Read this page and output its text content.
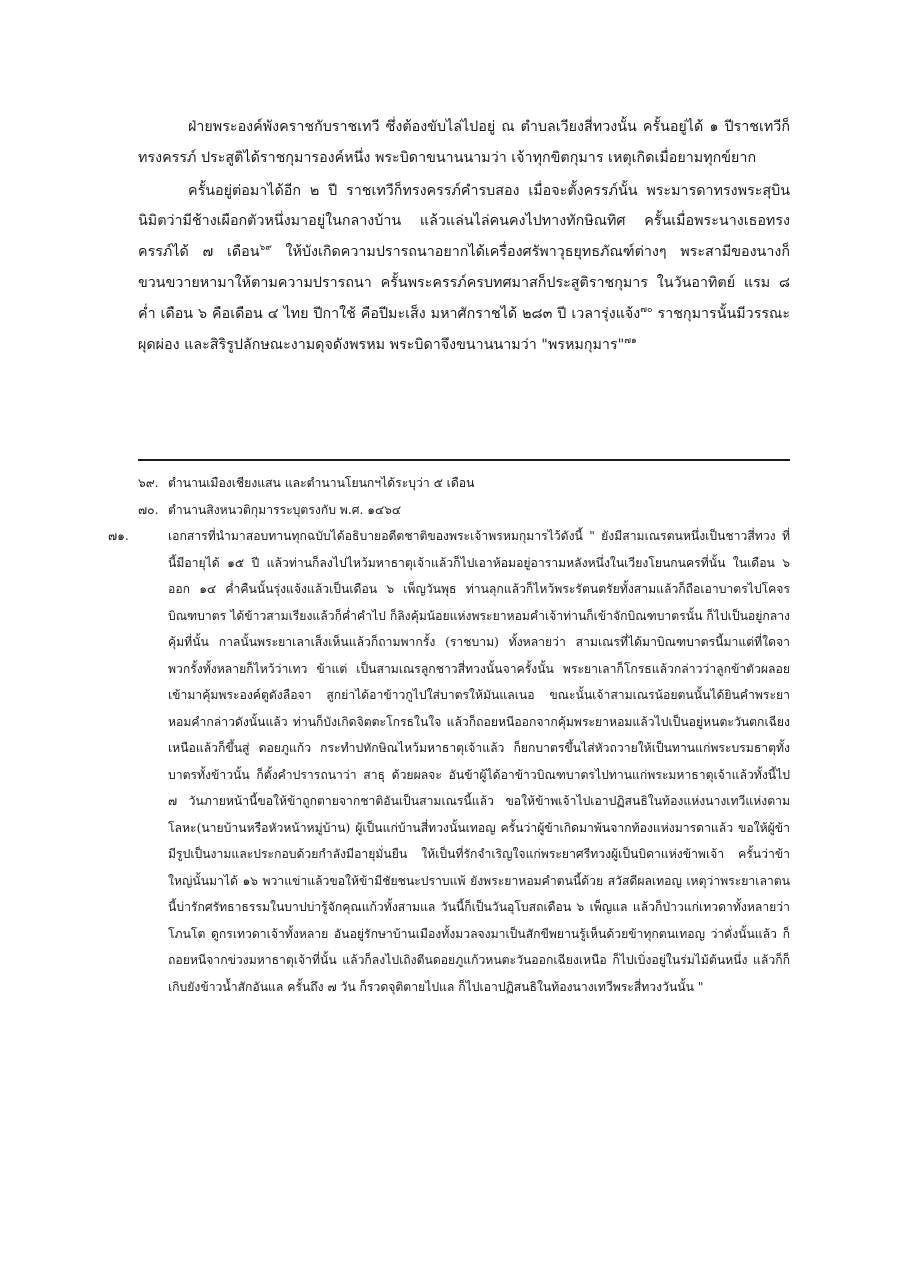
ฝ่ายพระองค์พังคราชกับราชเทวี ซึ่งต้องขับไล่ไปอยู่ ณ ตำบลเวียงสี่ทวงนั้น ครั้นอยู่ได้ ๑ ปีราชเทวีก็ทรงครรภ์ ประสูติได้ราชกุมารองค์หนึ่ง พระบิดาขนานนามว่า เจ้าทุกขิตกุมาร เหตุเกิดเมื่อยามทุกข์ยาก

ครั้นอยู่ต่อมาได้อีก ๒ ปี ราชเทวีก็ทรงครรภ์คำรบสอง เมื่อจะตั้งครรภ์นั้น พระมารดาทรงพระสุบินนิมิตว่ามีช้างเผือกตัวหนึ่งมาอยู่ในกลางบ้าน แล้วแล่นไล่คนคงไปทางทักษิณทิศ ครั้นเมื่อพระนางเธอทรงครรภ์ได้ ๗ เดือน$^{๖๙}$ ให้บังเกิดความปรารถนาอยากได้เครื่องศรัพาวุธยุทธภัณฑ์ต่างๆ พระสามีของนางก็ขวนขวายหามาให้ตามความปรารถนา ครั้นพระครรภ์ครบทศมาสก็ประสูติราชกุมาร ในวันอาทิตย์ แรม ๘ ค่ำ เดือน ๖ คือเดือน ๔ ไทย ปีกาใช้ คือปีมะเส็ง มหาศักราชได้ ๒๘๓ ปี เวลารุ่งแจ้ง$^{๗๐}$ ราชกุมารนั้นมีวรรณะผุดผ่อง และสิริรูปลักษณะงามดุจดังพรหม พระบิดาจึงขนานนามว่า "พรหมกุมาร"$^{๗๑}$

๖๙. ตำนานเมืองเชียงแสน และตำนานโยนกฯได้ระบุว่า ๕ เดือน

๗๐. ตำนานสิงหนวติกุมารระบุตรงกับ พ.ศ. ๑๔๖๔

๗๑.	เอกสารที่นำมาสอบทานทุกฉบับได้อธิบายอดีตชาติของพระเจ้าพรหมกุมารไว้ดังนี้ " ยังมีสามเณรตนหนึ่งเป็นชาวสี่ทวง ที่นี้มีอายุได้ ๑๕ ปี แล้วท่านก็ลงไปไหว้มหาธาตุเจ้าแล้วก็ไปเอาห้อมอยู่อารามหลังหนึ่งในเวียงโยนกนครที่นั้น ในเดือน ๖ ออก ๑๔ ค่ำคืนนั้นรุ่งแจ้งแล้วเป็นเดือน ๖ เพ็ญวันพุธ ท่านลุกแล้วก็ไหว้พระรัตนตรัยทั้งสามแล้วก็ถือเอาบาตรไปโคจรบิณฑบาตร ได้ข้าวสามเรียงแล้วก็ค่ำคำไป ก็ลิงคุ้มน้อยแห่งพระยาหอมคำเจ้าท่านก็เข้าจักบิณฑบาตรนั้น ก็ไปเป็นอยู่กลางคุ้มที่นั้น กาลนั้นพระยาเลาเส็งเห็นแล้วก็ถามพากรั้ง (ราชบาม) ทั้งหลายว่า สามเณรที่ได้มาบิณฑบาตรนี้มาแต่ที่ใดจา พวกรั้งทั้งหลายก็ไหว้ว่าเทว ข้าแต่ เป็นสามเณรลูกชาวสี่ทวงนั้นจาครั้งนั้น พระยาเลาก็โกรธแล้วกล่าวว่าลูกข้าตัวผลอยเข้ามาคุ้มพระองค์ตูดังลือจา สูกย่าได้อาข้าวกูไปใส่บาตรให้มันแลเนอ ขณะนั้นเจ้าสามเณรน้อยตนนั้นได้ยินคำพระยาหอมคำกล่าวดังนั้นแล้ว ท่านก็บังเกิดจิตตะโกรธในใจ แล้วก็ถอยหนีออกจากคุ้มพระยาหอมแล้วไปเป็นอยู่หนตะวันตกเฉียงเหนือแล้วก็ขึ้นสู่ ดอยภูแก้ว กระทำปทักษิณไหว้มหาธาตุเจ้าแล้ว ก็ยกบาตรขึ้นไส่หัวถวายให้เป็นทานแก่พระบรมธาตุทั้งบาตรทั้งข้าวนั้น ก็ตั้งคำปรารถนาว่า สาธุ ด้วยผลจะ อันข้าผู้ได้อาข้าวบิณฑบาตรไปทานแก่พระมหาธาตุเจ้าแล้วทั้งนี้ไป ๗ วันภายหน้านี้ขอให้ข้าถูกตายจากชาติอันเป็นสามเณรนี้แล้ว ขอให้ข้าพเจ้าไปเอาปฏิสนธิในท้องแห่งนางเทวีแห่งตามโลหะ(นายบ้านหรือหัวหน้าหมู่บ้าน) ผู้เป็นแก่บ้านสี่ทวงนั้นเทอญ ครั้นว่าผู้ข้าเกิดมาพ้นจากท้องแห่งมารดาแล้ว ขอให้ผู้ข้ามีรูปเป็นงามและประกอบด้วยกำลังมีอายุมั่นยืน ให้เป็นที่รักจำเริญใจแก่พระยาศรีทวงผู้เป็นบิดาแห่งข้าพเจ้า ครั้นว่าข้าใหญ่นั้นมาได้ ๑๖ พวาแข่าแล้วขอให้ข้ามีชัยชนะปราบแพ้ ยังพระยาหอมคำตนนี้ด้วย สวัสดีผลเทอญ เหตุว่าพระยาเลาตนนี้บ่ารักศรัทธาธรรมในบาปบ่ารู้จักคุณแก้วทั้งสามแล วันนี้ก็เป็นวันอุโบสถเดือน ๖ เพ็ญแล แล้วก็ป่าวแก่เทวดาทั้งหลายว่า โภนโต ดูกรเทวดาเจ้าทั้งหลาย อันอยู่รักษาบ้านเมืองทั้งมวลจงมาเป็นสักขีพยานรู้เห็นด้วยข้าทุกตนเทอญ ว่าดั่งนั้นแล้ว ก็ถอยหนีจากข่วงมหาธาตุเจ้าที่นั้น แล้วก็ลงไปเถิงตีนดอยภูแก้วหนตะวันออกเฉียงเหนือ ก็ไปเบิ่งอยู่ในร่มไม้ต้นหนึ่ง แล้วก็ก็เกิบยังข้าวน้ำสักอันแล ครั้นถึง ๗ วัน ก็รวดจุติตายไปแล ก็ไปเอาปฏิสนธิในท้องนางเทวีพระสี่ทวงวันนั้น "
